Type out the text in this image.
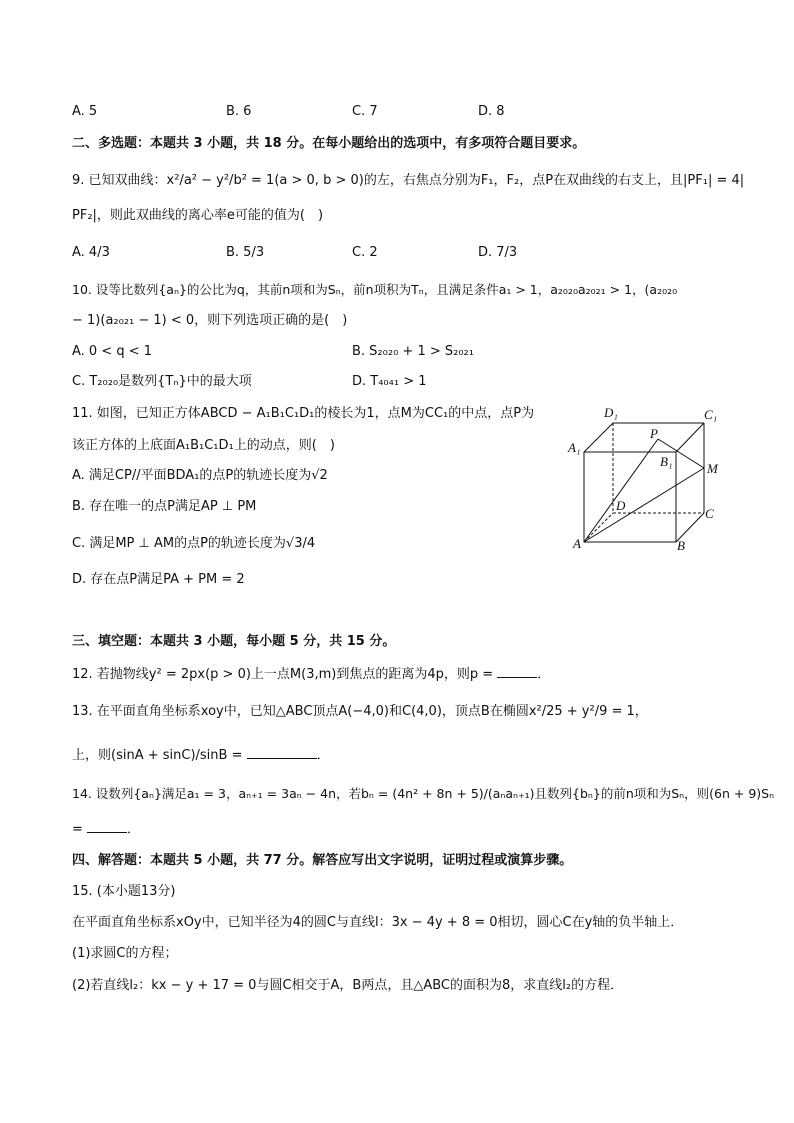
A. 5	B. 6	C. 7	D. 8
二、多选题：本题共 3 小题，共 18 分。在每小题给出的选项中，有多项符合题目要求。
9. 已知双曲线：x²/a² − y²/b² = 1(a > 0, b > 0)的左，右焦点分别为F₁，F₂，点P在双曲线的右支上，且|PF₁| = 4|
PF₂|，则此双曲线的离心率e可能的值为(　)
A. 4/3	B. 5/3	C. 2	D. 7/3
10. 设等比数列{aₙ}的公比为q，其前n项和为Sₙ，前n项积为Tₙ，且满足条件a₁ > 1，a₂₀₂₀a₂₀₂₁ > 1，(a₂₀₂₀
− 1)(a₂₀₂₁ − 1) < 0，则下列选项正确的是(　)
A. 0 < q < 1	B. S₂₀₂₀ + 1 > S₂₀₂₁
C. T₂₀₂₀是数列{Tₙ}中的最大项	D. T₄₀₄₁ > 1
11. 如图，已知正方体ABCD − A₁B₁C₁D₁的棱长为1，点M为CC₁的中点，点P为
该正方体的上底面A₁B₁C₁D₁上的动点，则(　)
A. 满足CP//平面BDA₁的点P的轨迹长度为√2
B. 存在唯一的点P满足AP ⊥ PM
C. 满足MP ⊥ AM的点P的轨迹长度为√3/4
D. 存在点P满足PA + PM = 2
D₁	C₁
A₁
B₁
P
M
D
C
A	B
三、填空题：本题共 3 小题，每小题 5 分，共 15 分。
12. 若抛物线y² = 2px(p > 0)上一点M(3,m)到焦点的距离为4p，则p =	．
13. 在平面直角坐标系xoy中，已知△ABC顶点A(−4,0)和C(4,0)，顶点B在椭圆x²/25 + y²/9 = 1，
上，则(sinA + sinC)/sinB =	．
14. 设数列{aₙ}满足a₁ = 3，aₙ₊₁ = 3aₙ − 4n，若bₙ = (4n² + 8n + 5)/(aₙaₙ₊₁)且数列{bₙ}的前n项和为Sₙ，则(6n + 9)Sₙ
=	．
四、解答题：本题共 5 小题，共 77 分。解答应写出文字说明，证明过程或演算步骤。
15. (本小题13分)
在平面直角坐标系xOy中，已知半径为4的圆C与直线l：3x − 4y + 8 = 0相切，圆心C在y轴的负半轴上．
(1)求圆C的方程；
(2)若直线l₂：kx − y + 17 = 0与圆C相交于A，B两点，且△ABC的面积为8，求直线l₂的方程．
